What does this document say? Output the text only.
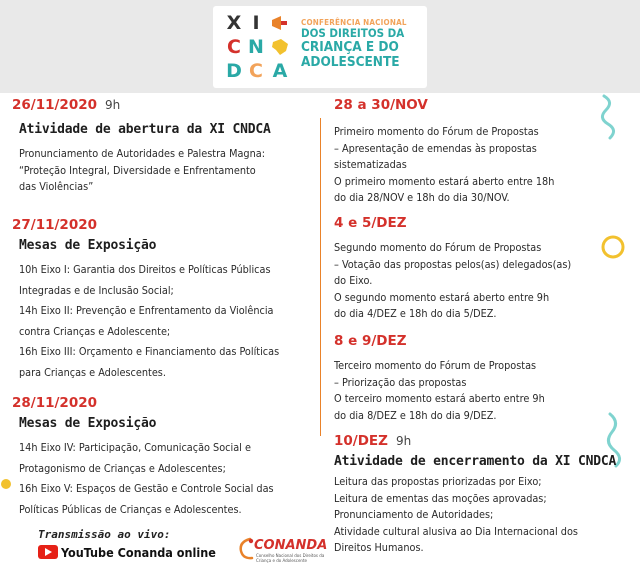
X I
C N
D C A
CONFERÊNCIA NACIONAL
DOS DIREITOS DA
CRIANÇA E DO
ADOLESCENTE
26/11/2020 9h
Atividade de abertura da XI CNDCA
Pronunciamento de Autoridades e Palestra Magna:
“Proteção Integral, Diversidade e Enfrentamento
das Violências”
27/11/2020
Mesas de Exposição
10h Eixo I: Garantia dos Direitos e Políticas Públicas
Integradas e de Inclusão Social;
14h Eixo II: Prevenção e Enfrentamento da Violência
contra Crianças e Adolescente;
16h Eixo III: Orçamento e Financiamento das Políticas
para Crianças e Adolescentes.
28/11/2020
Mesas de Exposição
14h Eixo IV: Participação, Comunicação Social e
Protagonismo de Crianças e Adolescentes;
16h Eixo V: Espaços de Gestão e Controle Social das
Políticas Públicas de Crianças e Adolescentes.
28 a 30/NOV
Primeiro momento do Fórum de Propostas
– Apresentação de emendas às propostas
sistematizadas
O primeiro momento estará aberto entre 18h
do dia 28/NOV e 18h do dia 30/NOV.
4 e 5/DEZ
Segundo momento do Fórum de Propostas
– Votação das propostas pelos(as) delegados(as)
do Eixo.
O segundo momento estará aberto entre 9h
do dia 4/DEZ e 18h do dia 5/DEZ.
8 e 9/DEZ
Terceiro momento do Fórum de Propostas
– Priorização das propostas
O terceiro momento estará aberto entre 9h
do dia 8/DEZ e 18h do dia 9/DEZ.
10/DEZ 9h
Atividade de encerramento da XI CNDCA
Leitura das propostas priorizadas por Eixo;
Leitura de ementas das moções aprovadas;
Pronunciamento de Autoridades;
Atividade cultural alusiva ao Dia Internacional dos
Direitos Humanos.
Transmissão ao vivo:
YouTube Conanda online	CONANDA
Conselho Nacional dos Direitos da Criança e do Adolescente
